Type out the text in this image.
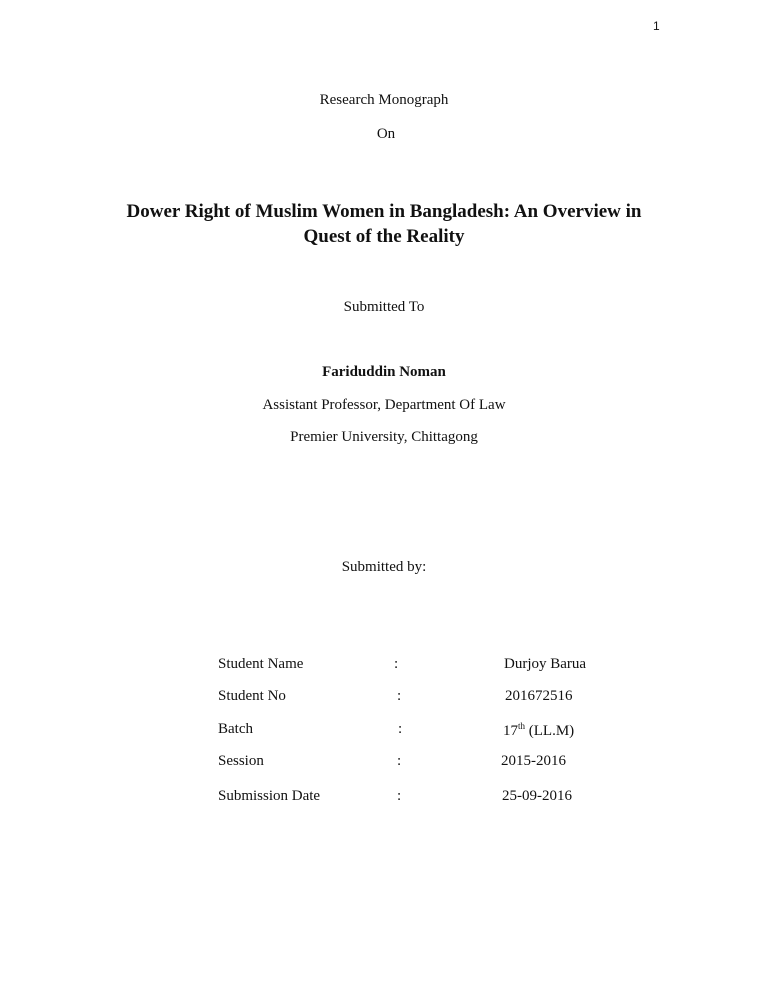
1
Research Monograph
On
Dower Right of Muslim Women in Bangladesh: An Overview in
Quest of the Reality
Submitted To
Fariduddin Noman
Assistant Professor, Department Of Law
Premier University, Chittagong
Submitted by:
Student Name	:	Durjoy Barua
Student No	:	201672516
Batch	:	17th (LL.M)
Session	:	2015-2016
Submission Date	:	25-09-2016
